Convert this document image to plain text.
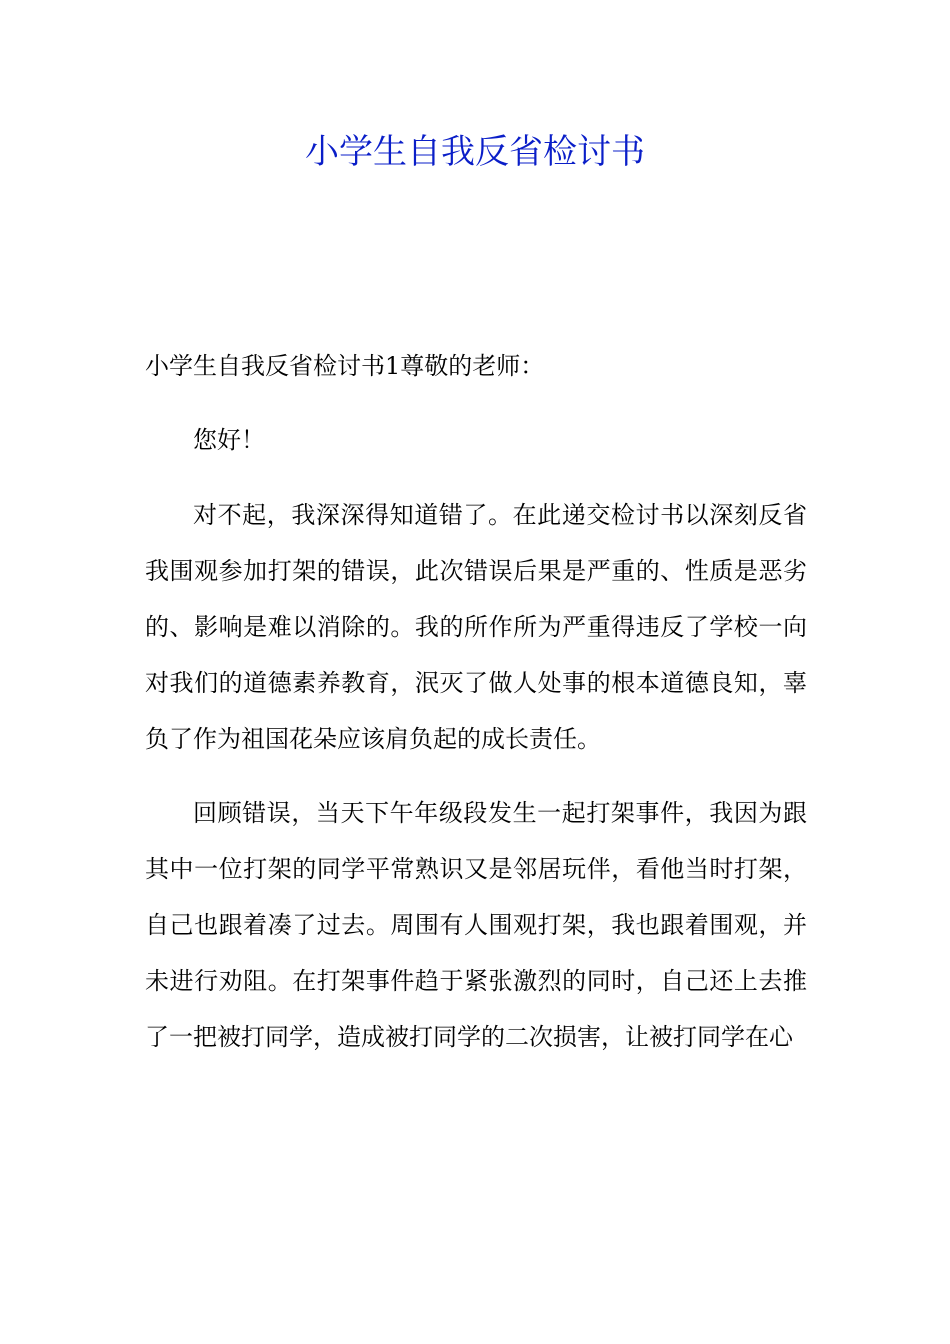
小学生自我反省检讨书

小学生自我反省检讨书1尊敬的老师：

您好！

对不起，我深深得知道错了。在此递交检讨书以深刻反省我围观参加打架的错误，此次错误后果是严重的、性质是恶劣的、影响是难以消除的。我的所作所为严重得违反了学校一向对我们的道德素养教育，泯灭了做人处事的根本道德良知，辜负了作为祖国花朵应该肩负起的成长责任。

回顾错误，当天下午年级段发生一起打架事件，我因为跟其中一位打架的同学平常熟识又是邻居玩伴，看他当时打架，自己也跟着凑了过去。周围有人围观打架，我也跟着围观，并未进行劝阻。在打架事件趋于紧张激烈的同时，自己还上去推了一把被打同学，造成被打同学的二次损害，让被打同学在心
